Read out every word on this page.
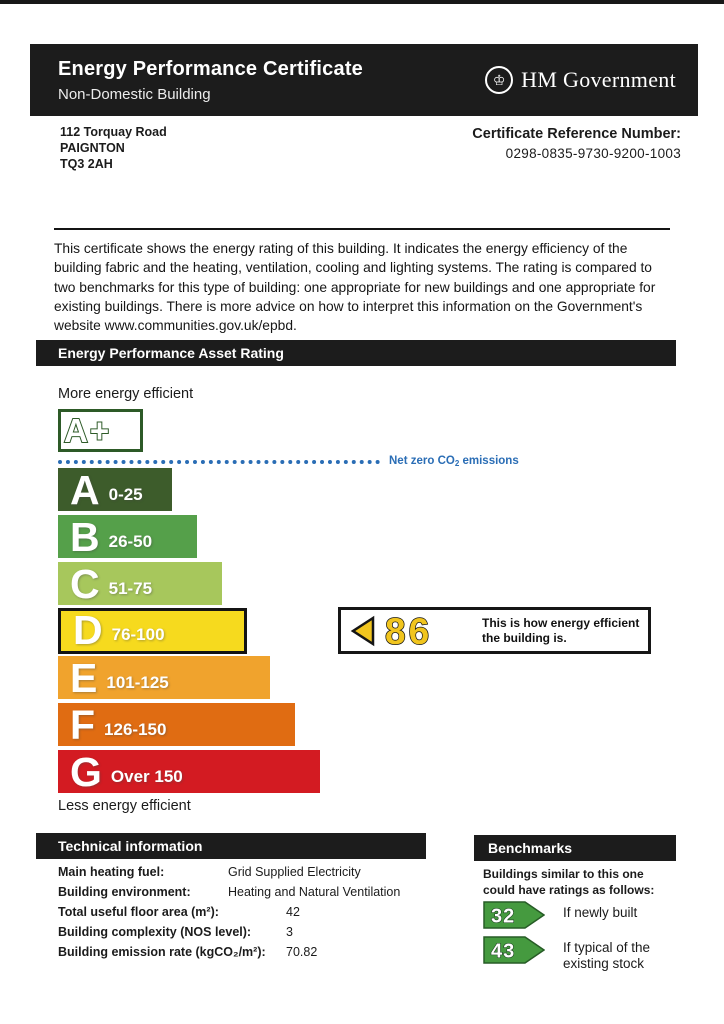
Energy Performance Certificate
Non-Domestic Building
♔ HM Government
112 Torquay Road
PAIGNTON
TQ3 2AH
Certificate Reference Number:
0298-0835-9730-9200-1003

This certificate shows the energy rating of this building. It indicates the energy efficiency of the building fabric and the heating, ventilation, cooling and lighting systems. The rating is compared to two benchmarks for this type of building: one appropriate for new buildings and one appropriate for existing buildings. There is more advice on how to interpret this information on the Government's website www.communities.gov.uk/epbd.

Energy Performance Asset Rating
More energy efficient
A+
Net zero $CO_2$ emissions
A 0-25
B 26-50
C 51-75
D 76-100
E 101-125
F 126-150
G Over 150
86	This is how energy efficient the building is.
Less energy efficient
Technical information
Main heating fuel:	Grid Supplied Electricity
Building environment:	Heating and Natural Ventilation
Total useful floor area (m²):	42
Building complexity (NOS level):	3
Building emission rate (kgCO₂/m²):	70.82
Benchmarks
Buildings similar to this one could have ratings as follows:
32	If newly built
43	If typical of the existing stock
